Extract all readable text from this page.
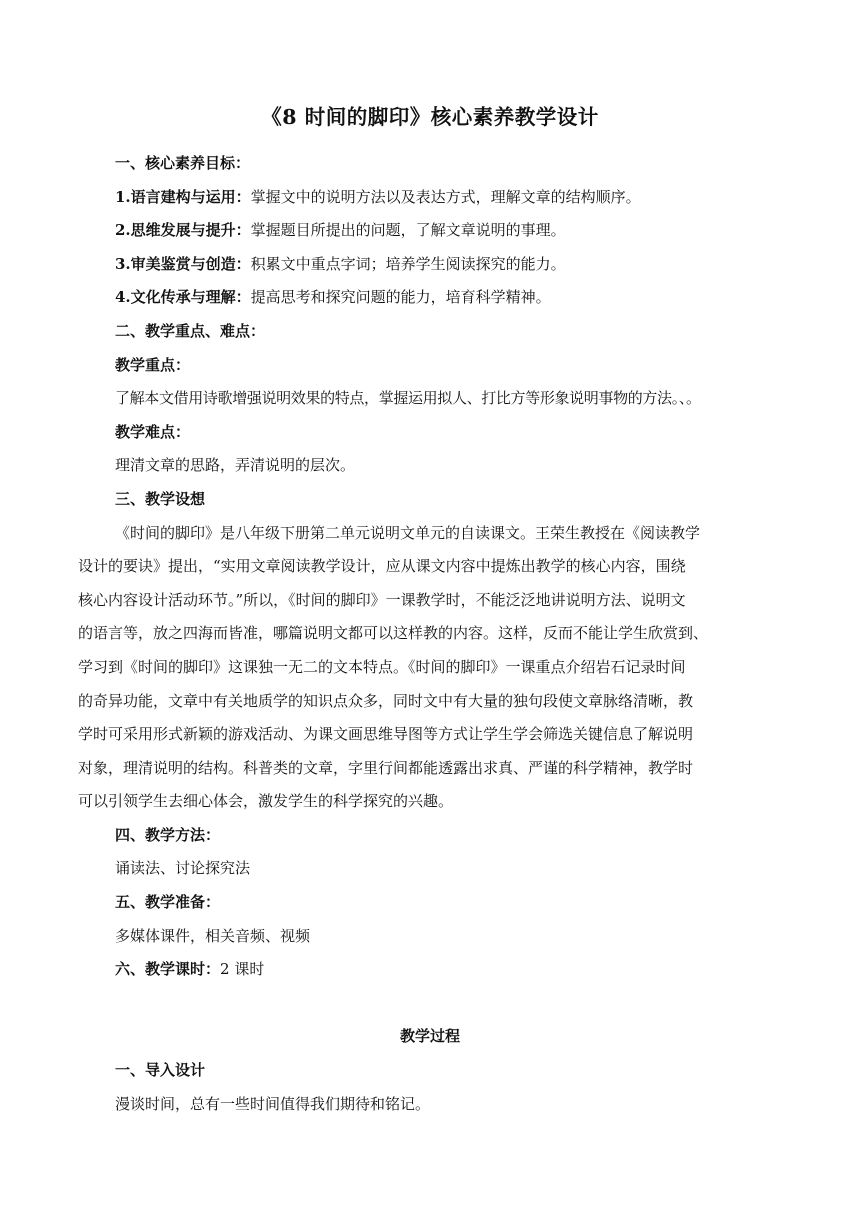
《8 时间的脚印》核心素养教学设计
一、核心素养目标：
1.语言建构与运用：掌握文中的说明方法以及表达方式，理解文章的结构顺序。
2.思维发展与提升：掌握题目所提出的问题，了解文章说明的事理。
3.审美鉴赏与创造：积累文中重点字词；培养学生阅读探究的能力。
4.文化传承与理解：提高思考和探究问题的能力，培育科学精神。
二、教学重点、难点：
教学重点：
了解本文借用诗歌增强说明效果的特点，掌握运用拟人、打比方等形象说明事物的方法。、。
教学难点：
理清文章的思路，弄清说明的层次。
三、教学设想
《时间的脚印》是八年级下册第二单元说明文单元的自读课文。王荣生教授在《阅读教学
设计的要诀》提出，“实用文章阅读教学设计，应从课文内容中提炼出教学的核心内容，围绕
核心内容设计活动环节。”所以，《时间的脚印》一课教学时，不能泛泛地讲说明方法、说明文
的语言等，放之四海而皆准，哪篇说明文都可以这样教的内容。这样，反而不能让学生欣赏到、
学习到《时间的脚印》这课独一无二的文本特点。《时间的脚印》一课重点介绍岩石记录时间
的奇异功能，文章中有关地质学的知识点众多，同时文中有大量的独句段使文章脉络清晰，教
学时可采用形式新颖的游戏活动、为课文画思维导图等方式让学生学会筛选关键信息了解说明
对象，理清说明的结构。科普类的文章，字里行间都能透露出求真、严谨的科学精神，教学时
可以引领学生去细心体会，激发学生的科学探究的兴趣。
四、教学方法：
诵读法、讨论探究法
五、教学准备：
多媒体课件，相关音频、视频
六、教学课时：2 课时
教学过程
一、导入设计
漫谈时间，总有一些时间值得我们期待和铭记。
